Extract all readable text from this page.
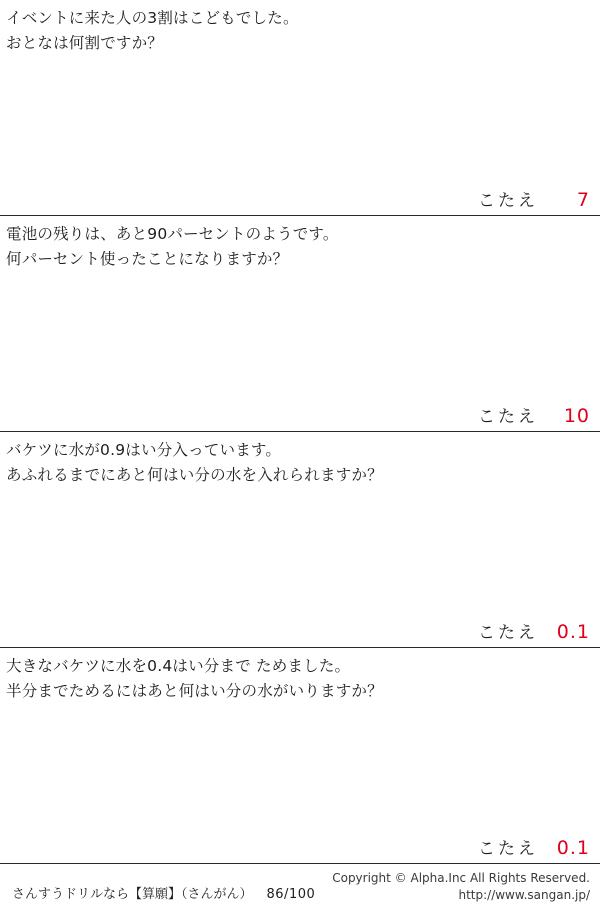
イベントに来た人の3割はこどもでした。
おとなは何割ですか？
こたえ	7
電池の残りは、あと90パーセントのようです。
何パーセント使ったことになりますか？
こたえ	10
バケツに水が0.9はい分入っています。
あふれるまでにあと何はい分の水を入れられますか？
こたえ 0.1
大きなバケツに水を0.4はい分まで ためました。
半分までためるにはあと何はい分の水がいりますか？
こたえ 0.1
さんすうドリルなら【算願】（さんがん） 86/100
Copyright © Alpha.Inc All Rights Reserved.
http://www.sangan.jp/
